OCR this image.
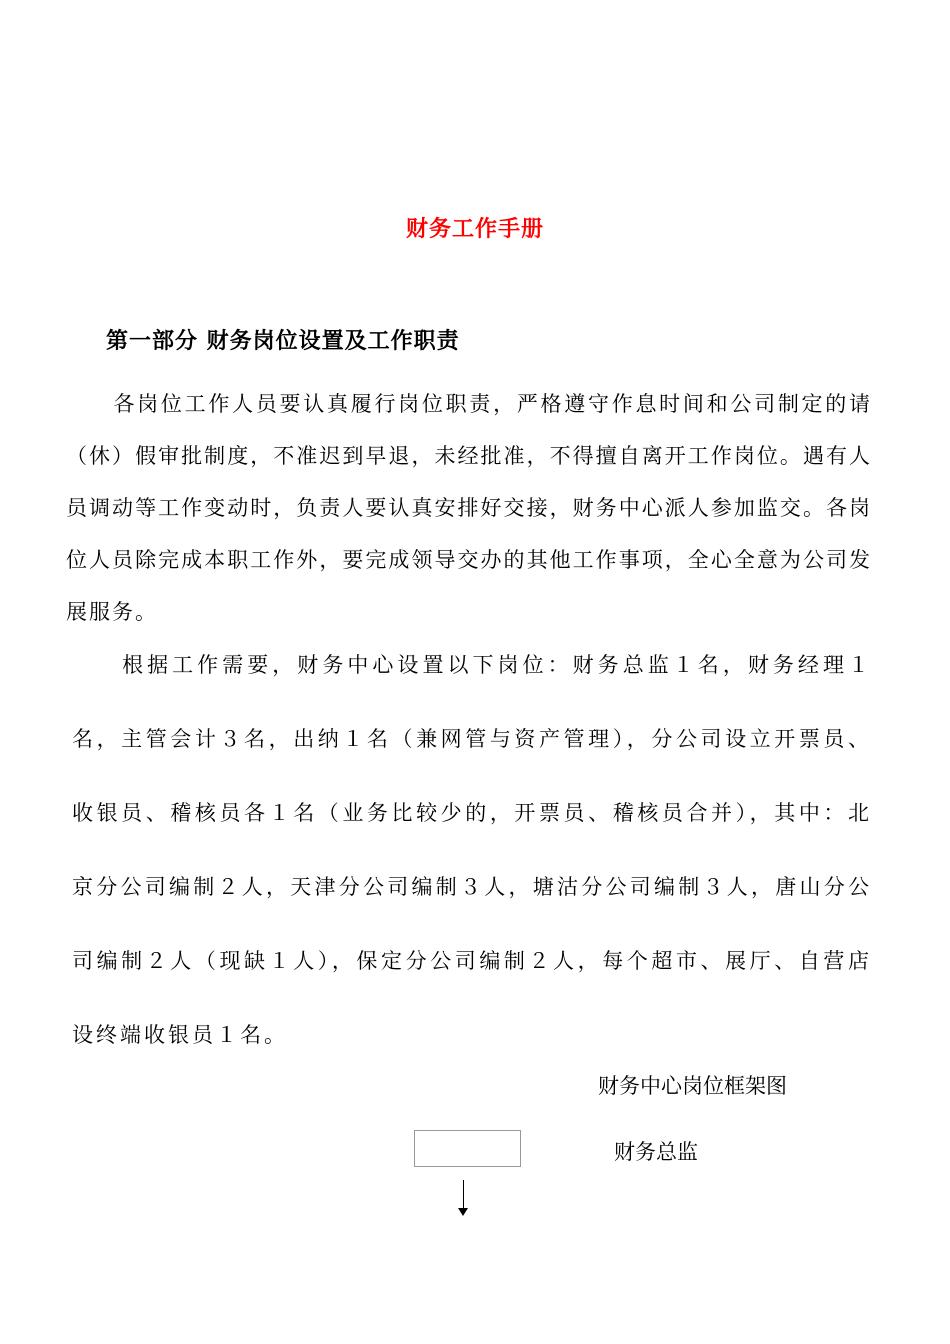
财务工作手册
第一部分 财务岗位设置及工作职责

　　各岗位工作人员要认真履行岗位职责，严格遵守作息时间和公司制定的请（休）假审批制度，不准迟到早退，未经批准，不得擅自离开工作岗位。遇有人员调动等工作变动时，负责人要认真安排好交接，财务中心派人参加监交。各岗位人员除完成本职工作外，要完成领导交办的其他工作事项，全心全意为公司发展服务。

　　根据工作需要，财务中心设置以下岗位：财务总监１名，财务经理１名，主管会计３名，出纳１名（兼网管与资产管理），分公司设立开票员、收银员、稽核员各１名（业务比较少的，开票员、稽核员合并），其中：北京分公司编制２人，天津分公司编制３人，塘沽分公司编制３人，唐山分公司编制２人（现缺１人），保定分公司编制２人，每个超市、展厅、自营店设终端收银员１名。

财务中心岗位框架图
财务总监
